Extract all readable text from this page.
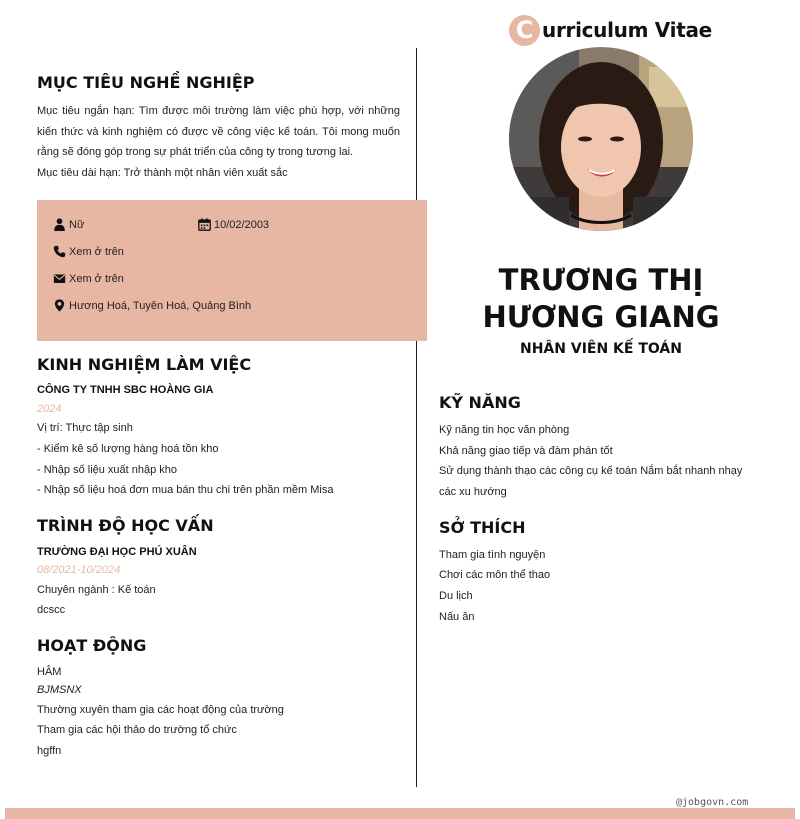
C urriculum Vitae
MỤC TIÊU NGHỀ NGHIỆP
Mục tiêu ngắn hạn: Tìm được môi trường làm việc phù hợp, với những kiến thức và kinh nghiệm có được về công việc kế toán. Tôi mong muốn rằng sẽ đóng góp trong sự phát triển của công ty trong tương lai.
Mục tiêu dài hạn: Trở thành một nhân viên xuất sắc
Nữ	10/02/2003
Xem ở trên
Xem ở trên
Hương Hoá, Tuyên Hoá, Quảng Bình
KINH NGHIỆM LÀM VIỆC
CÔNG TY TNHH SBC HOÀNG GIA
2024
Vị trí: Thực tập sinh
- Kiểm kê số lượng hàng hoá tồn kho
- Nhập số liệu xuất nhập kho
- Nhập số liệu hoá đơn mua bán thu chi trên phần mềm Misa
TRÌNH ĐỘ HỌC VẤN
TRƯỜNG ĐẠI HỌC PHÚ XUÂN
08/2021-10/2024
Chuyên ngành : Kế toán
dcscc
HOẠT ĐỘNG
HÂM
BJMSNX
Thường xuyên tham gia các hoạt động của trường
Tham gia các hội thảo do trường tổ chức
hgffn
TRƯƠNG THỊ HƯƠNG GIANG
NHÂN VIÊN KẾ TOÁN
KỸ NĂNG
Kỹ năng tin học văn phòng
Khả năng giao tiếp và đàm phán tốt
Sử dụng thành thạo các công cụ kế toán Nắm bắt nhanh nhạy
các xu hướng
SỞ THÍCH
Tham gia tình nguyện
Chơi các môn thể thao
Du lịch
Nấu ăn
@jobgovn.com
